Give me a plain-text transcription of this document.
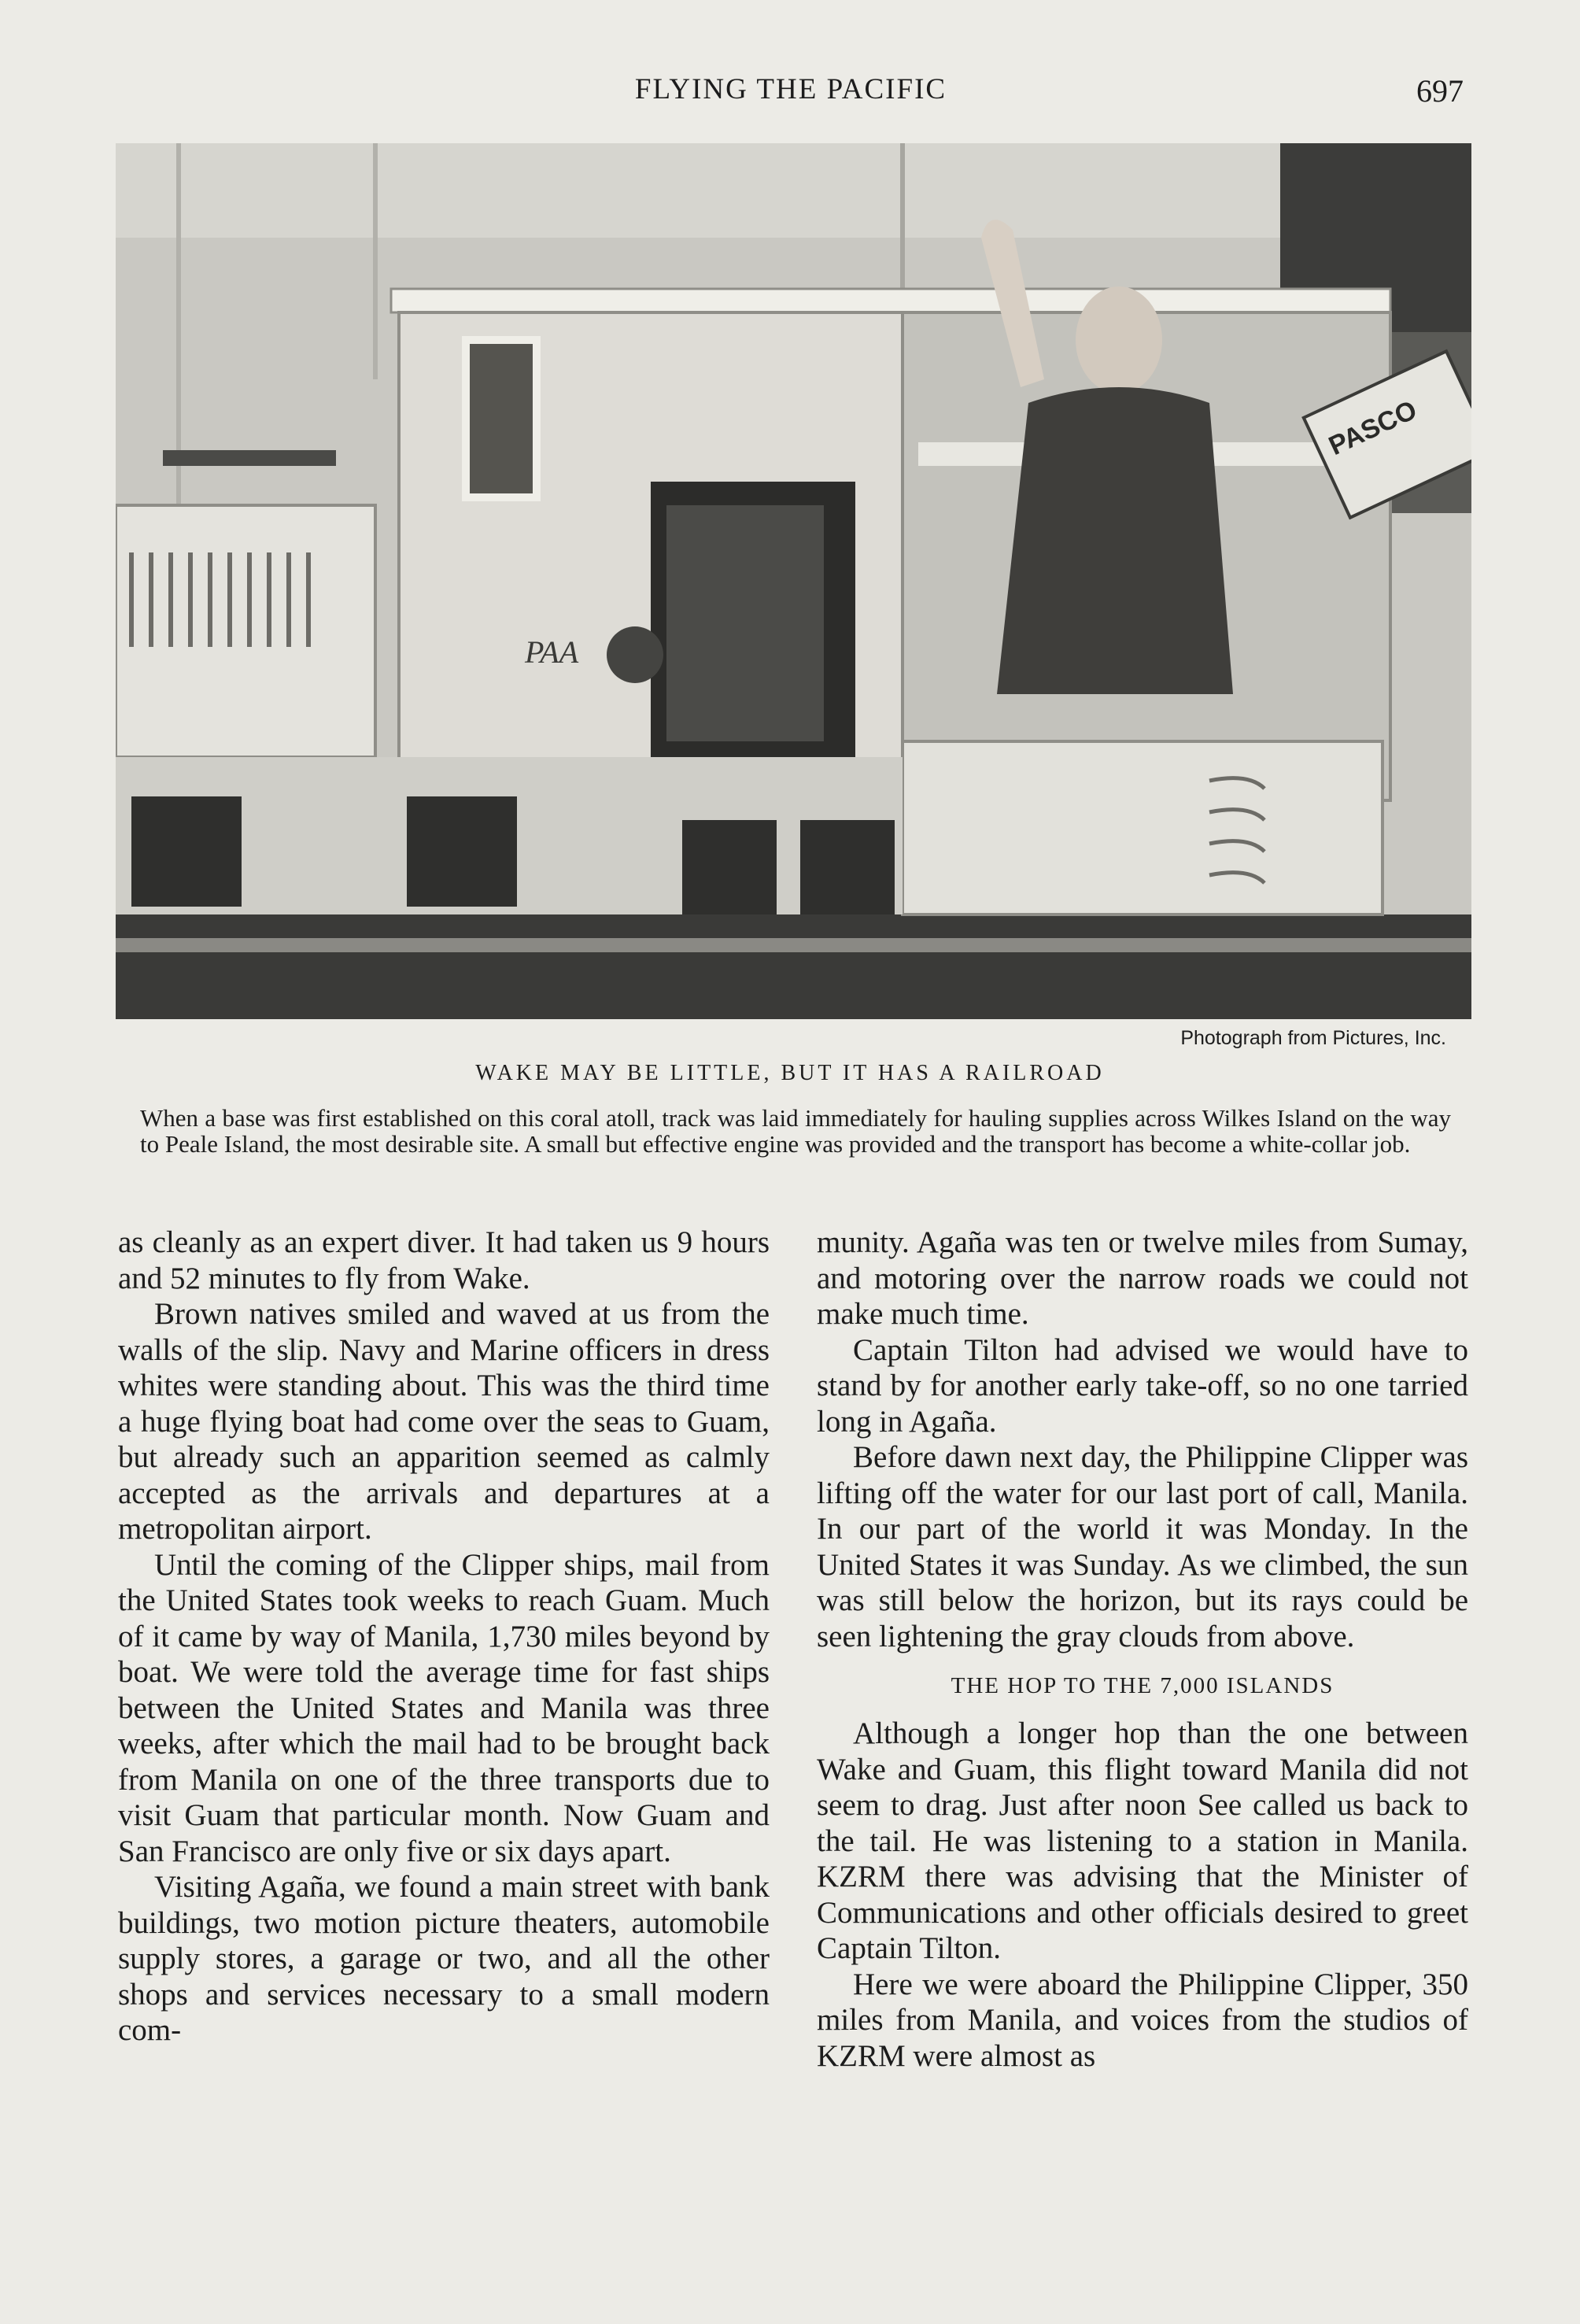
FLYING THE PACIFIC	697
PAA
PASCO
Photograph from Pictures, Inc.
WAKE MAY BE LITTLE, BUT IT HAS A RAILROAD
When a base was first established on this coral atoll, track was laid immediately for hauling supplies across Wilkes Island on the way to Peale Island, the most desirable site. A small but effective engine was provided and the transport has become a white-collar job.

as cleanly as an expert diver. It had taken us 9 hours and 52 minutes to fly from Wake.

Brown natives smiled and waved at us from the walls of the slip. Navy and Marine officers in dress whites were standing about. This was the third time a huge flying boat had come over the seas to Guam, but already such an apparition seemed as calmly accepted as the arrivals and departures at a metropolitan airport.

Until the coming of the Clipper ships, mail from the United States took weeks to reach Guam. Much of it came by way of Manila, 1,730 miles beyond by boat. We were told the average time for fast ships between the United States and Manila was three weeks, after which the mail had to be brought back from Manila on one of the three transports due to visit Guam that particular month. Now Guam and San Francisco are only five or six days apart.

Visiting Agaña, we found a main street with bank buildings, two motion picture theaters, automobile supply stores, a garage or two, and all the other shops and services necessary to a small modern com-

munity. Agaña was ten or twelve miles from Sumay, and motoring over the narrow roads we could not make much time.

Captain Tilton had advised we would have to stand by for another early take-off, so no one tarried long in Agaña.

Before dawn next day, the Philippine Clipper was lifting off the water for our last port of call, Manila. In our part of the world it was Monday. In the United States it was Sunday. As we climbed, the sun was still below the horizon, but its rays could be seen lightening the gray clouds from above.

THE HOP TO THE 7,000 ISLANDS

Although a longer hop than the one between Wake and Guam, this flight toward Manila did not seem to drag. Just after noon See called us back to the tail. He was listening to a station in Manila. KZRM there was advising that the Minister of Communications and other officials desired to greet Captain Tilton.

Here we were aboard the Philippine Clipper, 350 miles from Manila, and voices from the studios of KZRM were almost as
